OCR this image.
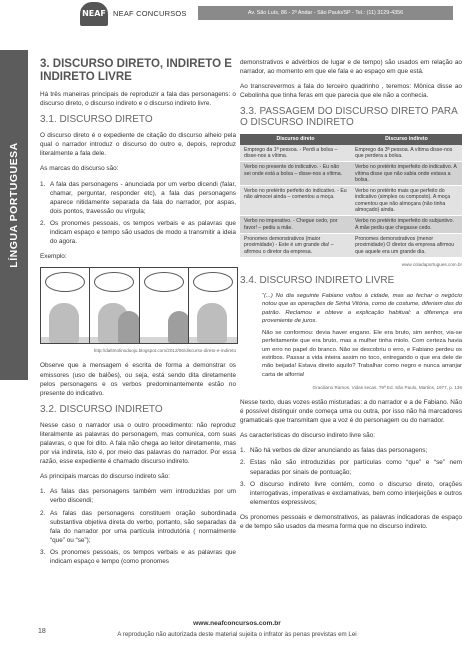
NEAF NEAF CONCURSOS	Av. São Luís, 86 - 2º Andar - São Paulo/SP - Tel.: (11) 3129-4356
LÍNGUA PORTUGUESA
3. DISCURSO DIRETO, INDIRETO E INDIRETO LIVRE

Há três maneiras principais de reproduzir a fala das personagens: o discurso direto, o discurso indireto e o discurso indireto livre.

3.1. DISCURSO DIRETO

O discurso direto é o expediente de citação do discurso alheio pela qual o narrador introduz o discurso do outro e, depois, reproduz literalmente a fala dele.

As marcas do discurso são:

1. A fala das personagens - anunciada por um verbo dicendi (falar, chamar, perguntar, responder etc), a fala das personagens aparece nitidamente separada da fala do narrador, por aspas, dois pontos, travessão ou vírgula;
2. Os pronomes pessoais, os tempos verbais e as palavras que indicam espaço e tempo são usados de modo a transmitir a ideia do agora.

Exemplo:

http://daltmolinoduoju.blogspot.com/2012/06/discurso-direto-e-indireto

Observe que a mensagem é escrita de forma a demonstrar os emissores (uso de balões), ou seja, está sendo dita diretamente pelos personagens e os verbos predominantemente estão no presente do indicativo.

3.2. DISCURSO INDIRETO

Nesse caso o narrador usa o outro procedimento: não reproduz literalmente as palavras do personagem, mas comunica, com suas palavras, o que foi dito. A fala não chega ao leitor diretamente, mas por via indireta, isto é, por meio das palavras do narrador. Por essa razão, esse expediente é chamado discurso indireto.

As principais marcas do discurso indireto são:

1. As falas das personagens também vem introduzidas por um verbo discendi;
2. As falas das personagens constituem oração subordinada substantiva objetiva direta do verbo, portanto, são separadas da fala do narrador por uma partícula introdutória ( normalmente “que” ou “se”);
3. Os pronomes pessoais, os tempos verbais e as palavras que indicam espaço e tempo (como pronomes

demonstrativos e advérbios de lugar e de tempo) são usados em relação ao narrador, ao momento em que ele fala e ao espaço em que está.

Ao transcrevermos a fala do terceiro quadrinho , teremos: Mônica disse ao Cebolinha que tinha feras em que parecia que ele não a conhecia.

3.3. PASSAGEM DO DISCURSO DIRETO PARA O DISCURSO INDIRETO
Discurso direto	Discurso indireto
Emprego da 1ª pessoa. - Perdi a bolsa – disse-nos a vítima.	Emprego da 3ª pessoa. A vítima disse-nos que perdera a bolsa.
Verbo no presente do indicativo. - Eu não sei onde está a bolsa – disse-nos a vítima.	Verbo no pretérito imperfeito do indicativo. A vítima disse que não sabia onde estava a bolsa.
Verbo no pretérito perfeito do indicativo. - Eu não almocei ainda – comentou a moça.	Verbo no pretérito mais que perfeito do indicativo (simples ou composto). A moça comentou que não almoçara (não tinha almoçado) ainda.
Verbo no imperativo. - Chegue cedo, por favor! – pediu a mãe.	Verbo no pretérito imperfeito do subjuntivo. A mãe pediu que chegasse cedo.
Pronomes demonstrativos (maior proximidade) - Este é um grande dia! – afirmou o diretor da empresa.	Pronomes demonstrativos (menor proximidade) O diretor da empresa afirmou que aquele era um grande dia.
www.coladaportugues.com.br
3.4. DISCURSO INDIRETO LIVRE
“(...) No dia seguinte Fabiano voltou à cidade, mas ao fechar o negócio notou que as operações de Sinhá Vitória, como de costume, diferiam das do patrão. Reclamou e obteve a explicação habitual: a diferença era proveniente de juros.
Não se conformou: devia haver engano. Ele era bruto, sim senhor, via-se perfeitamente que era bruto, mas a mulher tinha miolo. Com certeza havia um erro no papel do branco. Não se descobriu o erro, e Fabiano perdeu os estribos. Passar a vida inteira assim no toco, entregando o que era dele de mão beijada! Estava direito aquilo? Trabalhar como negro e nunca arranjar carta de alforria!
Graciliano Ramos. Vidas secas. 79ª Ed. São Paulo, Martins, 1977, p. 136

Nesse texto, duas vozes estão misturadas: a do narrador e a de Fabiano. Não é possível distinguir onde começa uma ou outra, por isso não há marcadores gramaticais que transmitam que a voz é do personagem ou do narrador.

As características do discurso indireto livre são:

1. Não há verbos de dizer anunciando as falas das personagens;
2. Estas não são introduzidas por partículas como “que” e “se” nem separadas por sinais de pontuação;
3. O discurso indireto livre contém, como o discurso direto, orações interrogativas, imperativas e exclamativas, bem como interjeições e outros elementos expressivos;

Os pronomes pessoais e demonstrativos, as palavras indicadoras de espaço e de tempo são usados da mesma forma que no discurso indireto.

18
www.neafconcursos.com.br
A reprodução não autorizada deste material sujeita o infrator às penas previstas em Lei
